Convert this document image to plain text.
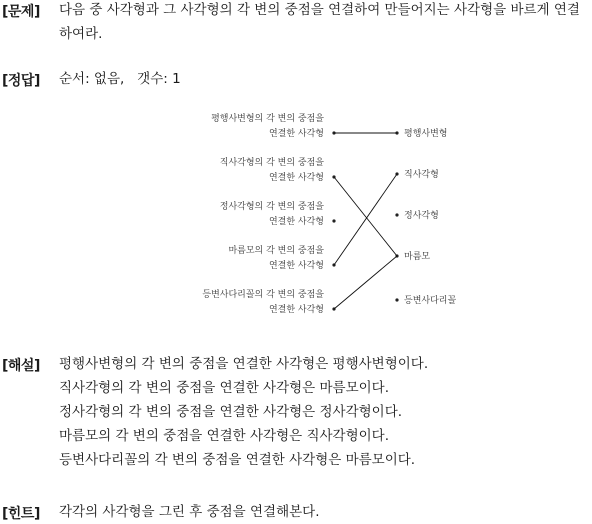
[문제] 다음 중 사각형과 그 사각형의 각 변의 중점을 연결하여 만들어지는 사각형을 바르게 연결하여라.
[정답] 순서: 없음,   갯수: 1
평행사변형의 각 변의 중점을
연결한 사각형
직사각형의 각 변의 중점을
연결한 사각형
정사각형의 각 변의 중점을
연결한 사각형
마름모의 각 변의 중점을
연결한 사각형
등변사다리꼴의 각 변의 중점을
연결한 사각형
평행사변형
직사각형
정사각형
마름모
등변사다리꼴
[해설] 평행사변형의 각 변의 중점을 연결한 사각형은 평행사변형이다.
직사각형의 각 변의 중점을 연결한 사각형은 마름모이다.
정사각형의 각 변의 중점을 연결한 사각형은 정사각형이다.
마름모의 각 변의 중점을 연결한 사각형은 직사각형이다.
등변사다리꼴의 각 변의 중점을 연결한 사각형은 마름모이다.
[힌트] 각각의 사각형을 그린 후 중점을 연결해본다.
